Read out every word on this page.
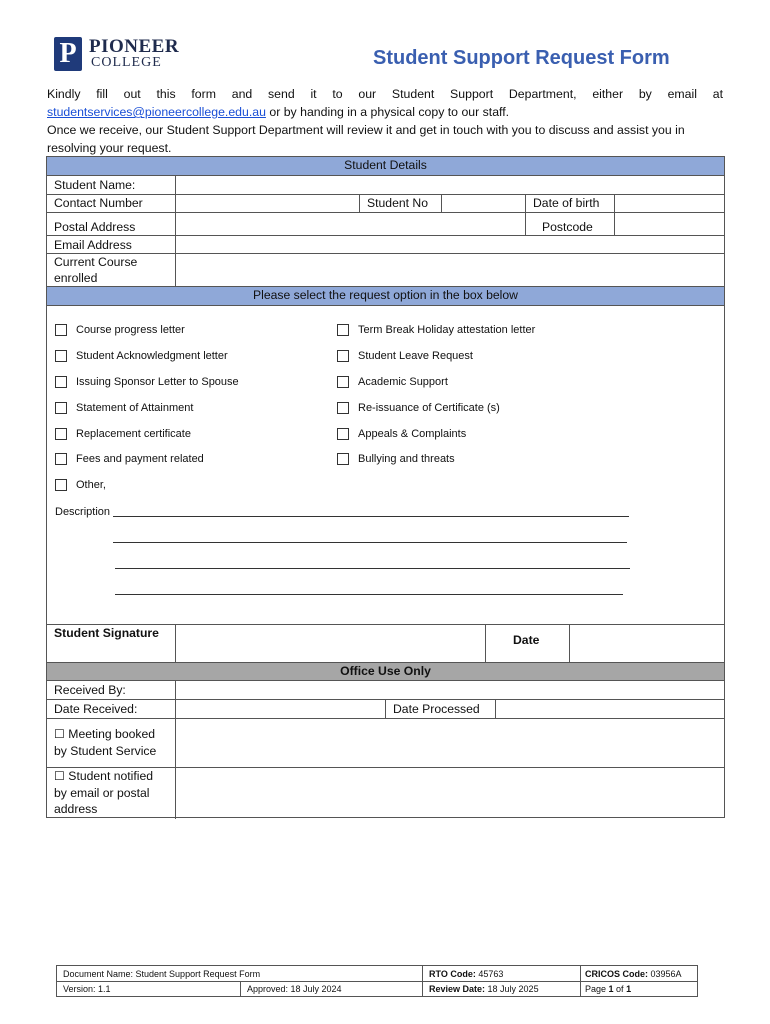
P PIONEER
COLLEGE	Student Support Request Form

Kindly fill out this form and send it to our Student Support Department, either by email at

studentservices@pioneercollege.edu.au or by handing in a physical copy to our staff.

Once we receive, our Student Support Department will review it and get in touch with you to discuss and assist you in

resolving your request.

Student Details
Student Name:
Contact Number	Student No	Date of birth
Postal Address	Postcode
Email Address
Current Course
enrolled
Please select the request option in the box below
Course progress letter
Student Acknowledgment letter
Issuing Sponsor Letter to Spouse
Statement of Attainment
Replacement certificate
Fees and payment related
Other,
Term Break Holiday attestation letter
Student Leave Request
Academic Support
Re-issuance of Certificate (s)
Appeals & Complaints
Bullying and threats
Description
Student Signature	Date
Office Use Only
Received By:
Date Received:	Date Processed
☐ Meeting booked
by Student Service
☐ Student notified
by email or postal
address
Document Name: Student Support Request Form
Version: 1.1	Approved: 18 July 2024
RTO Code: 45763
Review Date: 18 July 2025
CRICOS Code: 03956A
Page 1 of 1
